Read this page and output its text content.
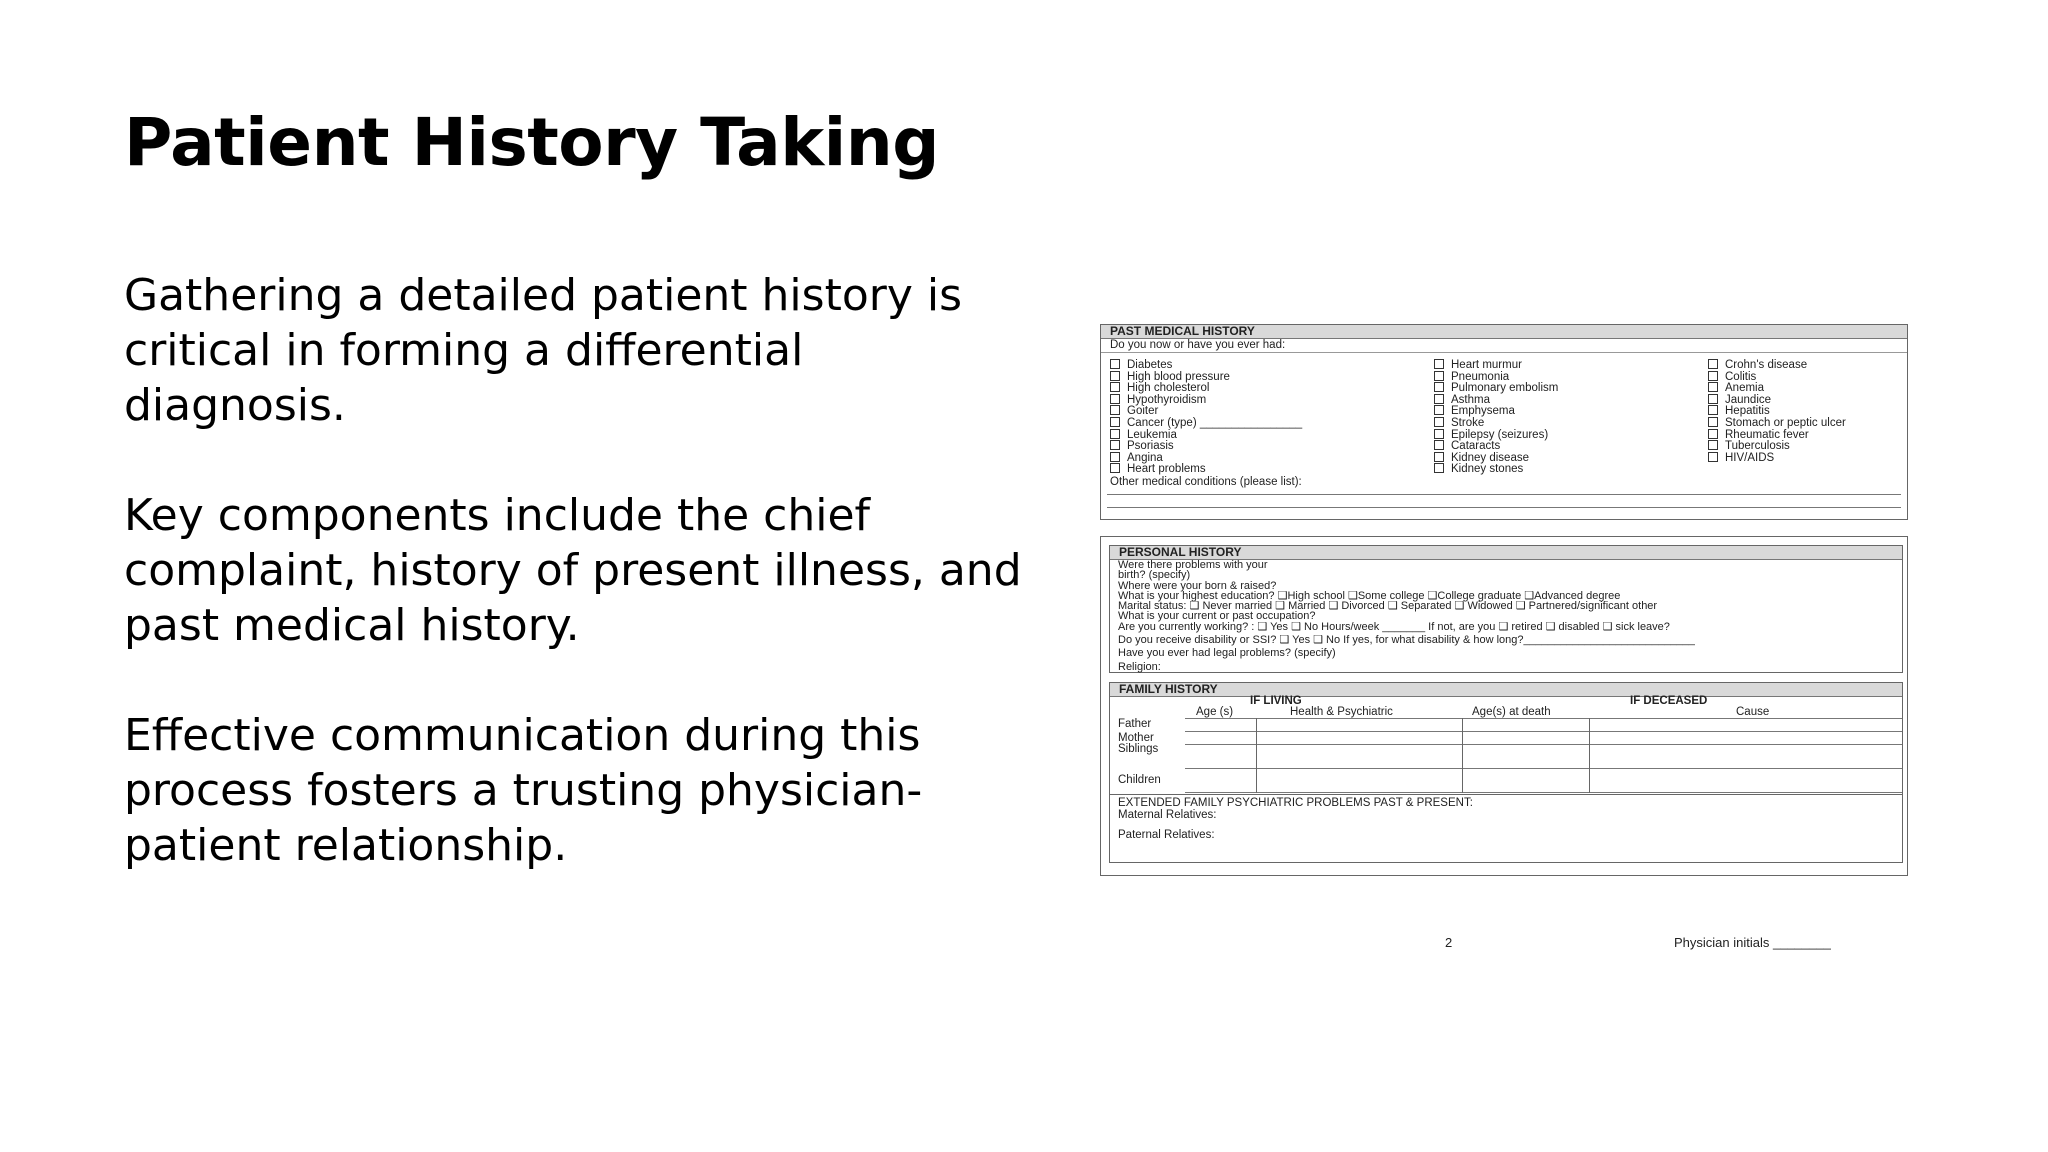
Patient History Taking

Gathering a detailed patient history is critical in forming a differential diagnosis.

Key components include the chief complaint, history of present illness, and past medical history.

Effective communication during this process fosters a trusting physician-patient relationship.

PAST MEDICAL HISTORY
Do you now or have you ever had:
Diabetes
High blood pressure
High cholesterol
Hypothyroidism
Goiter
Cancer (type) ________________
Leukemia
Psoriasis
Angina
Heart problems
Heart murmur
Pneumonia
Pulmonary embolism
Asthma
Emphysema
Stroke
Epilepsy (seizures)
Cataracts
Kidney disease
Kidney stones
Crohn's disease
Colitis
Anemia
Jaundice
Hepatitis
Stomach or peptic ulcer
Rheumatic fever
Tuberculosis
HIV/AIDS
Other medical conditions (please list):
PERSONAL HISTORY
Were there problems with your
birth? (specify)
Where were your born & raised?
What is your highest education? ❑High school ❑Some college ❑College graduate ❑Advanced degree
Marital status: ❑ Never married ❑ Married ❑ Divorced ❑ Separated ❑ Widowed ❑ Partnered/significant other
What is your current or past occupation?
Are you currently working? : ❑ Yes ❑ No Hours/week _______ If not, are you ❑ retired ❑ disabled ❑ sick leave?
Do you receive disability or SSI? ❑ Yes ❑ No If yes, for what disability & how long?____________________________
Have you ever had legal problems? (specify)
Religion:
FAMILY HISTORY
IF LIVING	IF DECEASED
Age (s)	Health & Psychiatric	Age(s) at death	Cause
Father
Mother
Siblings
Children
EXTENDED FAMILY PSYCHIATRIC PROBLEMS PAST & PRESENT:
Maternal Relatives:
Paternal Relatives:
2	Physician initials ________
